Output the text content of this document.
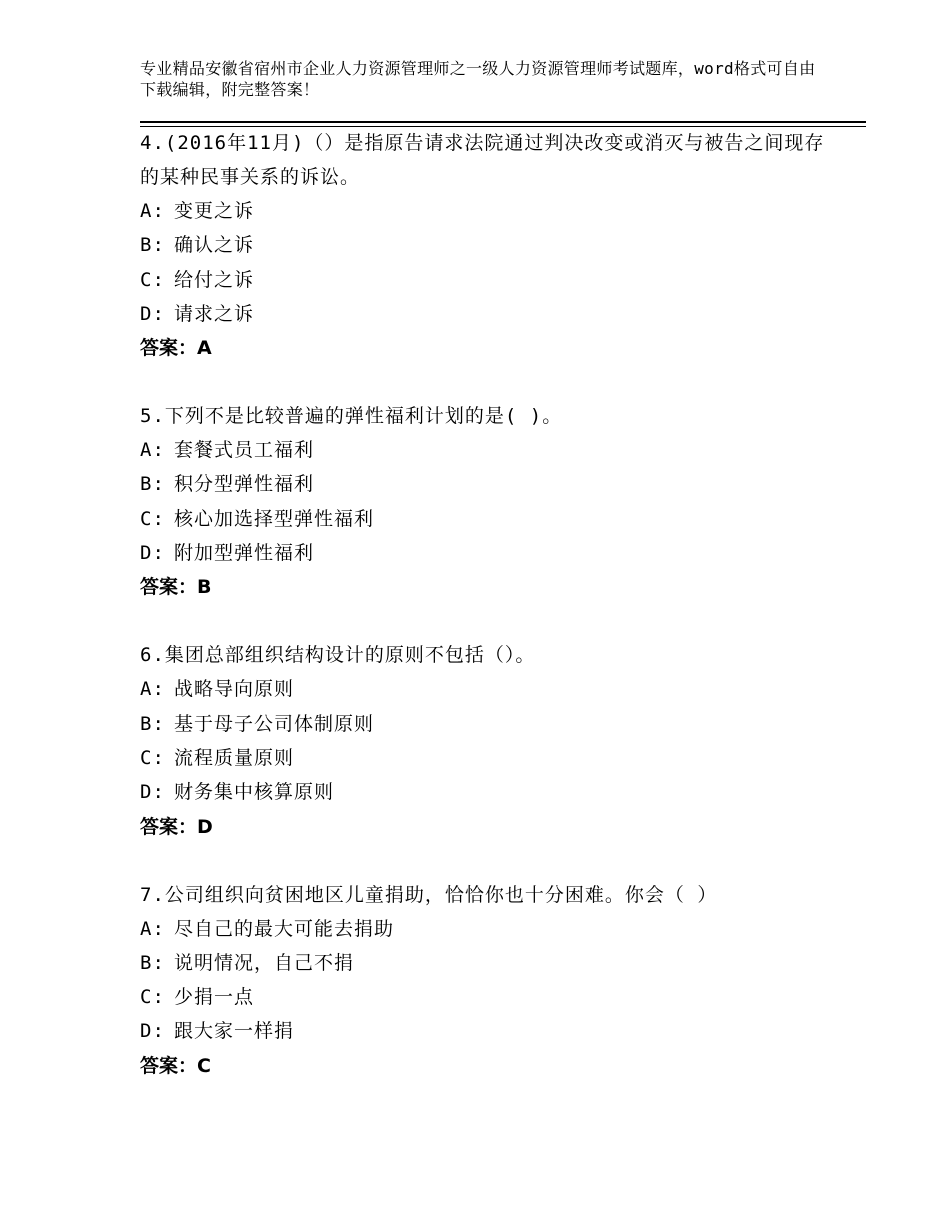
专业精品安徽省宿州市企业人力资源管理师之一级人力资源管理师考试题库，word格式可自由下载编辑，附完整答案！

4.(2016年11月)（）是指原告请求法院通过判决改变或消灭与被告之间现存的某种民事关系的诉讼。

A: 变更之诉

B: 确认之诉

C: 给付之诉

D: 请求之诉

答案：A

5.下列不是比较普遍的弹性福利计划的是( )。

A: 套餐式员工福利

B: 积分型弹性福利

C: 核心加选择型弹性福利

D: 附加型弹性福利

答案：B

6.集团总部组织结构设计的原则不包括（）。

A: 战略导向原则

B: 基于母子公司体制原则

C: 流程质量原则

D: 财务集中核算原则

答案：D

7.公司组织向贫困地区儿童捐助，恰恰你也十分困难。你会（ ）

A: 尽自己的最大可能去捐助

B: 说明情况，自己不捐

C: 少捐一点

D: 跟大家一样捐

答案：C
